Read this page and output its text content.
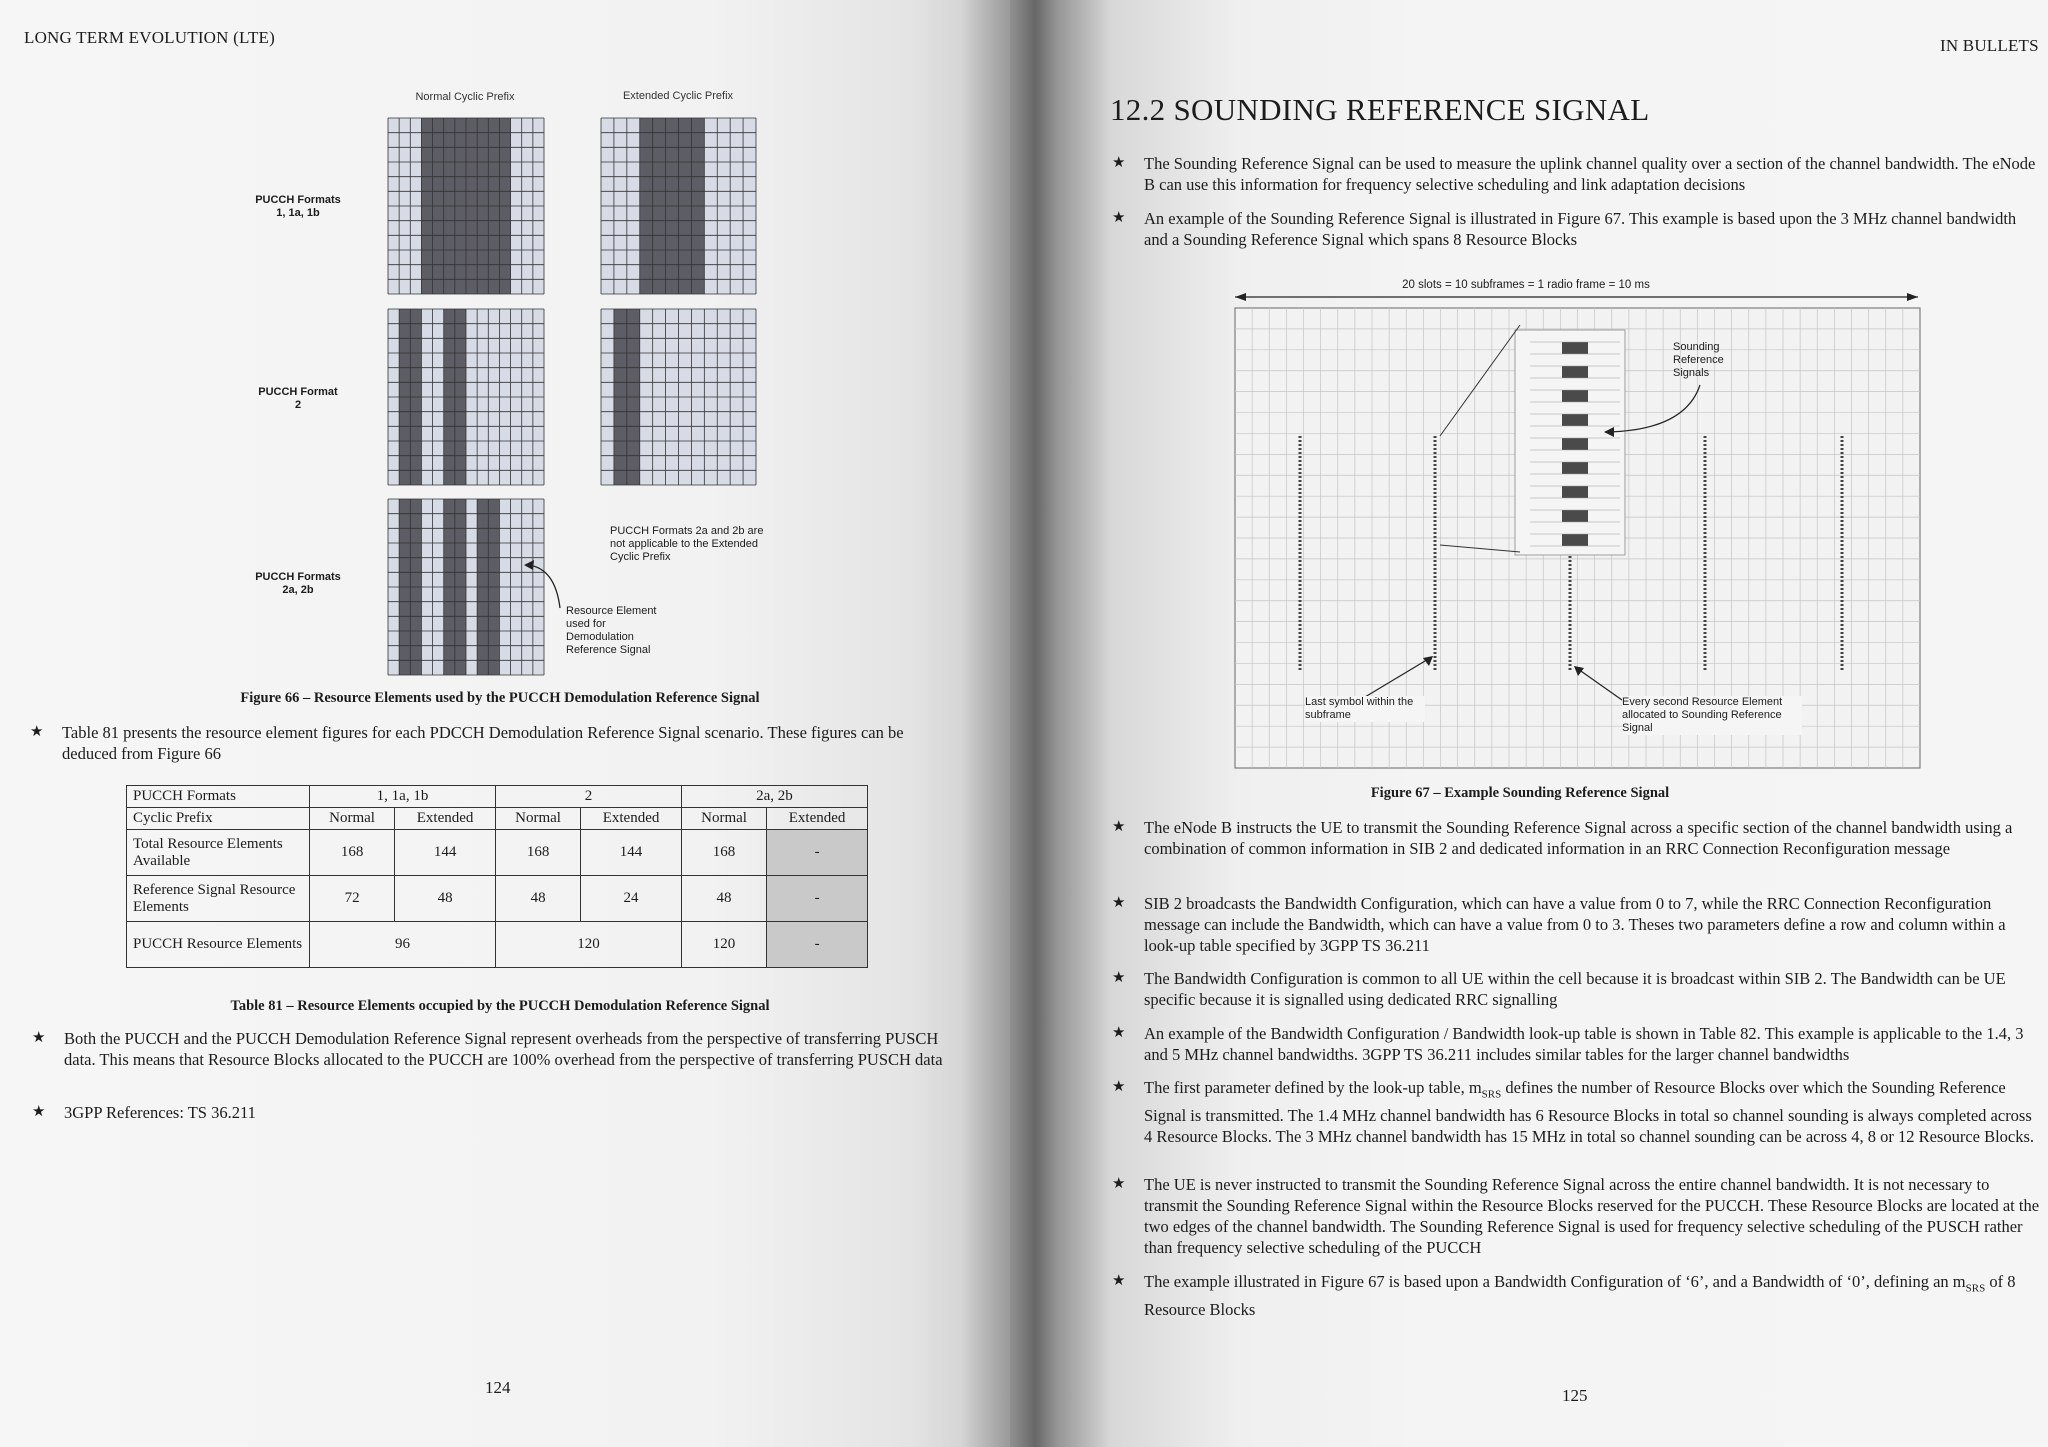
LONG TERM EVOLUTION (LTE)
Normal Cyclic Prefix	Extended Cyclic Prefix
PUCCH Formats
1, 1a, 1b
PUCCH Format
2
PUCCH Formats
2a, 2b
PUCCH Formats 2a and 2b are not applicable to the Extended Cyclic Prefix
Resource Element used for Demodulation Reference Signal
Figure 66 – Resource Elements used by the PUCCH Demodulation Reference Signal
★ Table 81 presents the resource element figures for each PDCCH Demodulation Reference Signal scenario. These figures can be deduced from Figure 66
PUCCH Formats	1, 1a, 1b		2		2a, 2b	
Cyclic Prefix	Normal	Extended	Normal	Extended	Normal	Extended
Total Resource Elements Available	168	144	168	144	168	-
Reference Signal Resource Elements	72	48	48	24	48	-
PUCCH Resource Elements	96		120		120	-
Table 81 – Resource Elements occupied by the PUCCH Demodulation Reference Signal
★ Both the PUCCH and the PUCCH Demodulation Reference Signal represent overheads from the perspective of transferring PUSCH data. This means that Resource Blocks allocated to the PUCCH are 100% overhead from the perspective of transferring PUSCH data
★ 3GPP References: TS 36.211
124
IN BULLETS
12.2 SOUNDING REFERENCE SIGNAL
★ The Sounding Reference Signal can be used to measure the uplink channel quality over a section of the channel bandwidth. The eNode B can use this information for frequency selective scheduling and link adaptation decisions
★ An example of the Sounding Reference Signal is illustrated in Figure 67. This example is based upon the 3 MHz channel bandwidth and a Sounding Reference Signal which spans 8 Resource Blocks
20 slots = 10 subframes = 1 radio frame = 10 ms
Sounding Reference Signals
Last symbol within the subframe
Every second Resource Element allocated to Sounding Reference Signal
Figure 67 – Example Sounding Reference Signal
★ The eNode B instructs the UE to transmit the Sounding Reference Signal across a specific section of the channel bandwidth using a combination of common information in SIB 2 and dedicated information in an RRC Connection Reconfiguration message
★ SIB 2 broadcasts the Bandwidth Configuration, which can have a value from 0 to 7, while the RRC Connection Reconfiguration message can include the Bandwidth, which can have a value from 0 to 3. Theses two parameters define a row and column within a look-up table specified by 3GPP TS 36.211
★ The Bandwidth Configuration is common to all UE within the cell because it is broadcast within SIB 2. The Bandwidth can be UE specific because it is signalled using dedicated RRC signalling
★ An example of the Bandwidth Configuration / Bandwidth look-up table is shown in Table 82. This example is applicable to the 1.4, 3 and 5 MHz channel bandwidths. 3GPP TS 36.211 includes similar tables for the larger channel bandwidths
★ The first parameter defined by the look-up table, $m_{SRS}$ defines the number of Resource Blocks over which the Sounding Reference Signal is transmitted. The 1.4 MHz channel bandwidth has 6 Resource Blocks in total so channel sounding is always completed across 4 Resource Blocks. The 3 MHz channel bandwidth has 15 MHz in total so channel sounding can be across 4, 8 or 12 Resource Blocks.
★ The UE is never instructed to transmit the Sounding Reference Signal across the entire channel bandwidth. It is not necessary to transmit the Sounding Reference Signal within the Resource Blocks reserved for the PUCCH. These Resource Blocks are located at the two edges of the channel bandwidth. The Sounding Reference Signal is used for frequency selective scheduling of the PUSCH rather than frequency selective scheduling of the PUCCH
★ The example illustrated in Figure 67 is based upon a Bandwidth Configuration of ‘6’, and a Bandwidth of ‘0’, defining an $m_{SRS}$ of 8 Resource Blocks
125
